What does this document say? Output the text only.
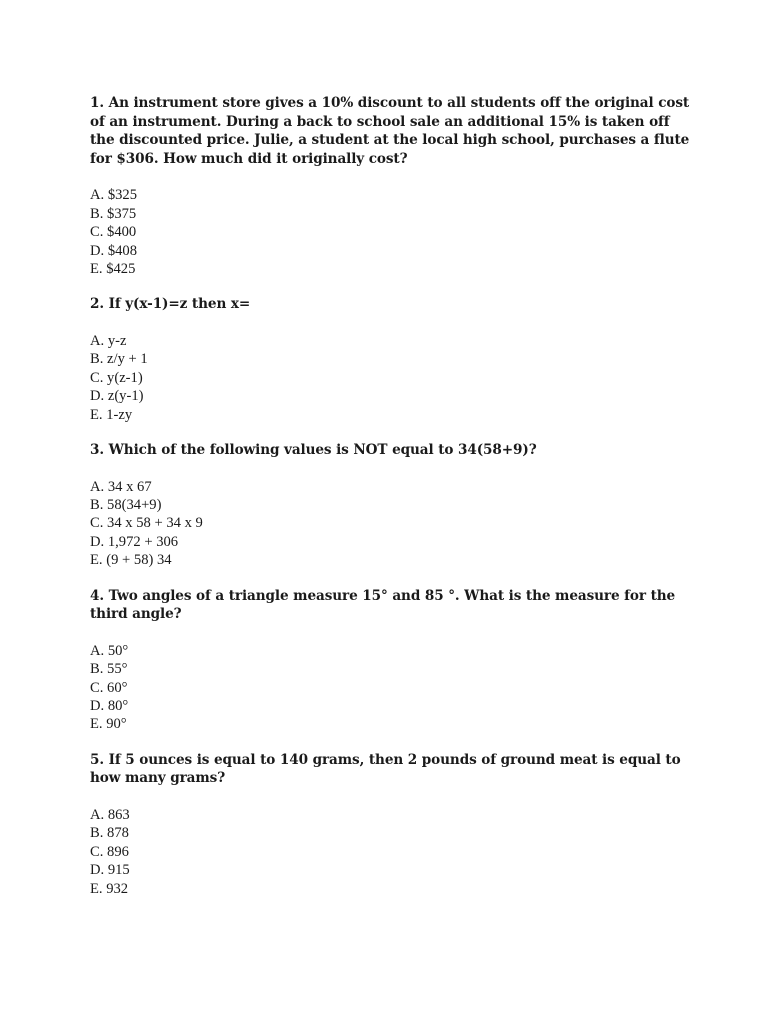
1. An instrument store gives a 10% discount to all students off the original cost of an instrument. During a back to school sale an additional 15% is taken off the discounted price. Julie, a student at the local high school, purchases a flute for $306. How much did it originally cost?

A. $325
B. $375
C. $400
D. $408
E. $425

2. If y(x-1)=z then x=

A. y-z
B. z/y + 1
C. y(z-1)
D. z(y-1)
E. 1-zy

3. Which of the following values is NOT equal to 34(58+9)?

A. 34 x 67
B. 58(34+9)
C. 34 x 58 + 34 x 9
D. 1,972 + 306
E. (9 + 58) 34

4. Two angles of a triangle measure 15° and 85 °. What is the measure for the third angle?

A. 50°
B. 55°
C. 60°
D. 80°
E. 90°

5. If 5 ounces is equal to 140 grams, then 2 pounds of ground meat is equal to how many grams?

A. 863
B. 878
C. 896
D. 915
E. 932
